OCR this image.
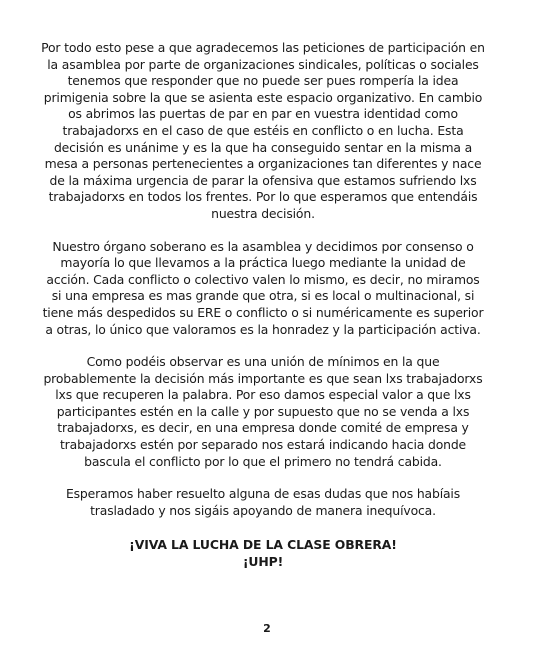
Por todo esto pese a que agradecemos las peticiones de participación en la asamblea por parte de organizaciones sindicales, políticas o sociales tenemos que responder que no puede ser pues rompería la idea primigenia sobre la que se asienta este espacio organizativo. En cambio os abrimos las puertas de par en par en vuestra identidad como trabajadorxs en el caso de que estéis en conflicto o en lucha. Esta decisión es unánime y es la que ha conseguido sentar en la misma a mesa a personas pertenecientes a organizaciones tan diferentes y nace de la máxima urgencia de parar la ofensiva que estamos sufriendo lxs trabajadorxs en todos los frentes. Por lo que esperamos que entendáis nuestra decisión.

Nuestro órgano soberano es la asamblea y decidimos por consenso o mayoría lo que llevamos a la práctica luego mediante la unidad de acción. Cada conflicto o colectivo valen lo mismo, es decir, no miramos si una empresa es mas grande que otra, si es local o multinacional, si tiene más despedidos su ERE o conflicto o si numéricamente es superior a otras, lo único que valoramos es la honradez y la participación activa.

Como podéis observar es una unión de mínimos en la que probablemente la decisión más importante es que sean lxs trabajadorxs lxs que recuperen la palabra. Por eso damos especial valor a que lxs participantes estén en la calle y por supuesto que no se venda a lxs trabajadorxs, es decir, en una empresa donde comité de empresa y trabajadorxs estén por separado nos estará indicando hacia donde bascula el conflicto por lo que el primero no tendrá cabida.

Esperamos haber resuelto alguna de esas dudas que nos habíais trasladado y nos sigáis apoyando de manera inequívoca.

¡VIVA LA LUCHA DE LA CLASE OBRERA!

¡UHP!

2
